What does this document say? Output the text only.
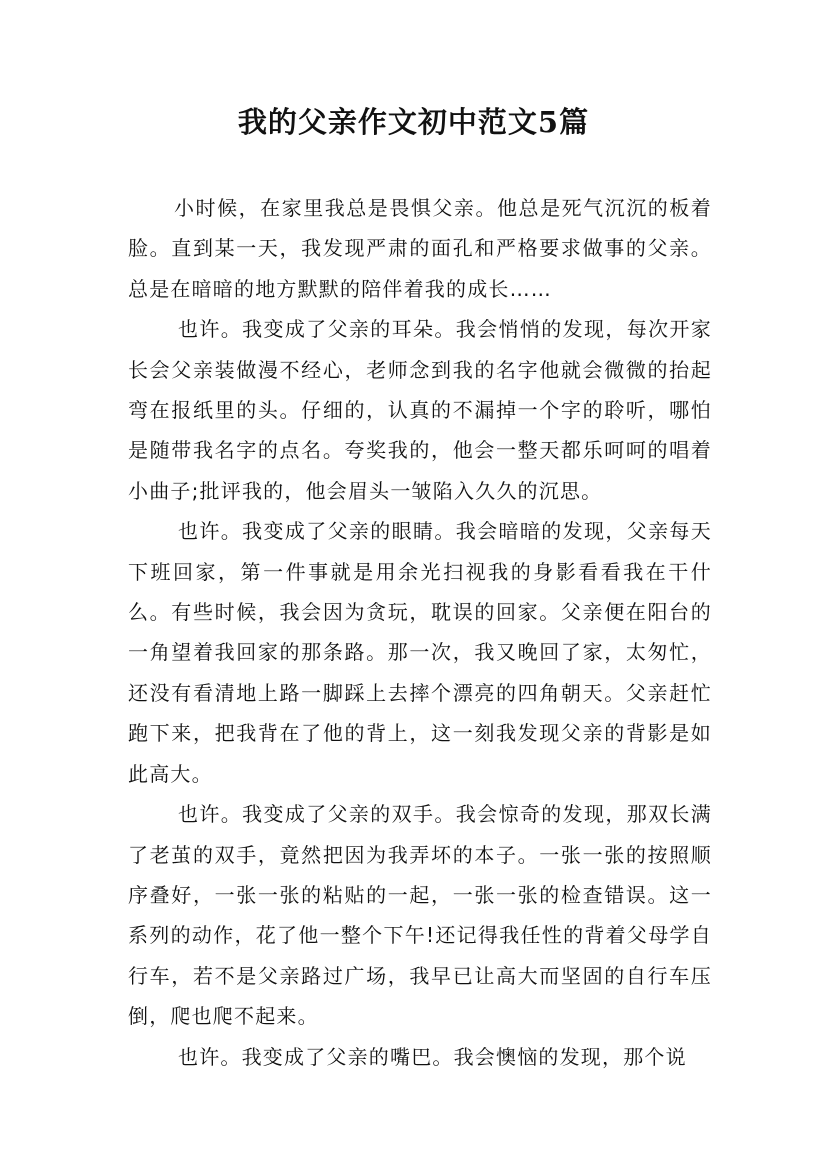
我的父亲作文初中范文5篇

小时候，在家里我总是畏惧父亲。他总是死气沉沉的板着脸。直到某一天，我发现严肃的面孔和严格要求做事的父亲。总是在暗暗的地方默默的陪伴着我的成长……

也许。我变成了父亲的耳朵。我会悄悄的发现，每次开家长会父亲装做漫不经心，老师念到我的名字他就会微微的抬起弯在报纸里的头。仔细的，认真的不漏掉一个字的聆听，哪怕是随带我名字的点名。夸奖我的，他会一整天都乐呵呵的唱着小曲子;批评我的，他会眉头一皱陷入久久的沉思。

也许。我变成了父亲的眼睛。我会暗暗的发现，父亲每天下班回家，第一件事就是用余光扫视我的身影看看我在干什么。有些时候，我会因为贪玩，耽误的回家。父亲便在阳台的一角望着我回家的那条路。那一次，我又晚回了家，太匆忙，还没有看清地上路一脚踩上去摔个漂亮的四角朝天。父亲赶忙跑下来，把我背在了他的背上，这一刻我发现父亲的背影是如此高大。

也许。我变成了父亲的双手。我会惊奇的发现，那双长满了老茧的双手，竟然把因为我弄坏的本子。一张一张的按照顺序叠好，一张一张的粘贴的一起，一张一张的检查错误。这一系列的动作，花了他一整个下午!还记得我任性的背着父母学自行车，若不是父亲路过广场，我早已让高大而坚固的自行车压倒，爬也爬不起来。

也许。我变成了父亲的嘴巴。我会懊恼的发现，那个说
